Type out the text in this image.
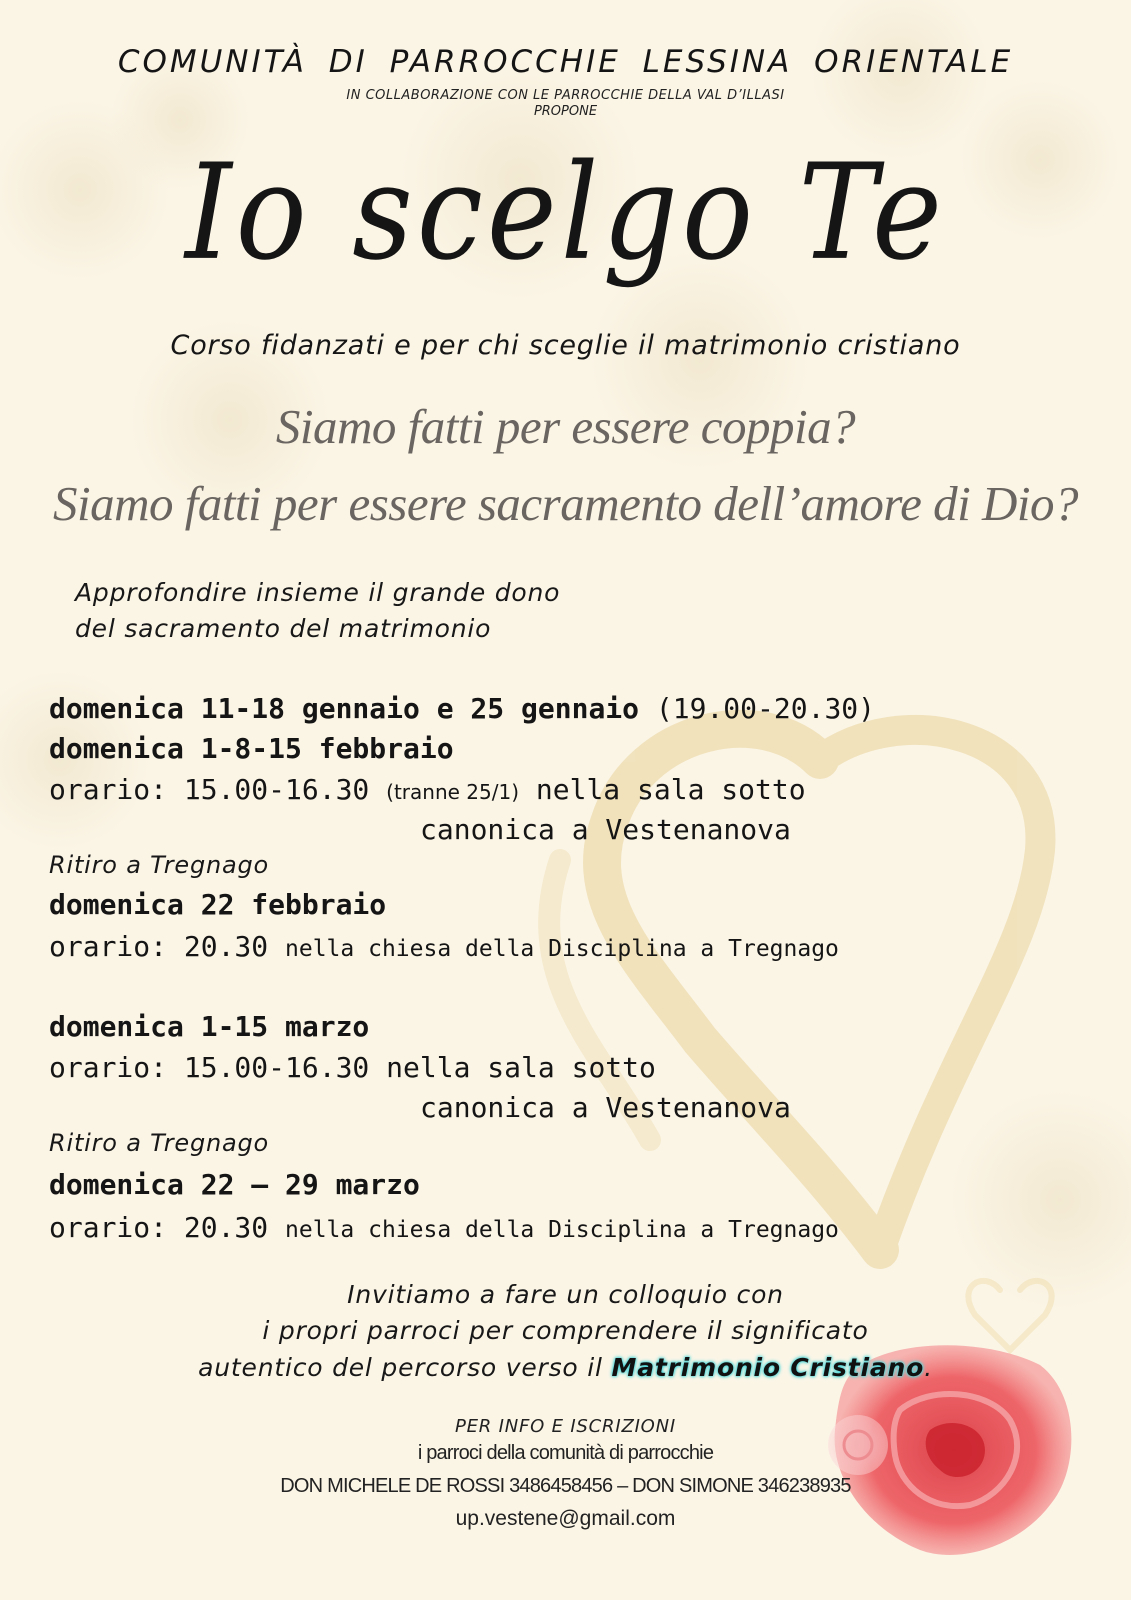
COMUNITÀ DI PARROCCHIE LESSINA ORIENTALE
IN COLLABORAZIONE CON LE PARROCCHIE DELLA VAL D’ILLASI
PROPONE
Io scelgo Te
Corso fidanzati e per chi sceglie il matrimonio cristiano
Siamo fatti per essere coppia?
Siamo fatti per essere sacramento dell’amore di Dio?
Approfondire insieme il grande dono
del sacramento del matrimonio
domenica 11-18 gennaio e 25 gennaio (19.00-20.30)
domenica 1-8-15 febbraio
orario: 15.00-16.30 (tranne 25/1) nella sala sotto
canonica a Vestenanova
Ritiro a Tregnago
domenica 22 febbraio
orario: 20.30 nella chiesa della Disciplina a Tregnago
domenica 1-15 marzo
orario: 15.00-16.30 nella sala sotto
canonica a Vestenanova
Ritiro a Tregnago
domenica 22 – 29 marzo
orario: 20.30 nella chiesa della Disciplina a Tregnago
Invitiamo a fare un colloquio con
i propri parroci per comprendere il significato
autentico del percorso verso il Matrimonio Cristiano.
PER INFO E ISCRIZIONI
i parroci della comunità di parrocchie
DON MICHELE DE ROSSI 3486458456 – DON SIMONE 346238935
up.vestene@gmail.com
